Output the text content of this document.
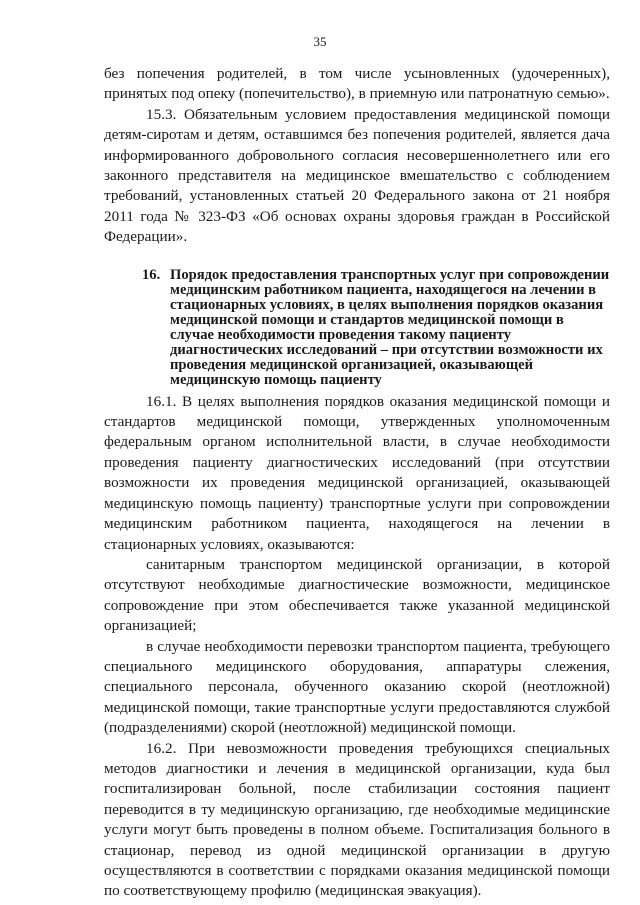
35

без попечения родителей, в том числе усыновленных (удочеренных), принятых под опеку (попечительство), в приемную или патронатную семью».

15.3. Обязательным условием предоставления медицинской помощи детям-сиротам и детям, оставшимся без попечения родителей, является дача информированного добровольного согласия несовершеннолетнего или его законного представителя на медицинское вмешательство с соблюдением требований, установленных статьей 20 Федерального закона от 21 ноября 2011 года № 323-ФЗ «Об основах охраны здоровья граждан в Российской Федерации».

16. Порядок предоставления транспортных услуг при сопровождении медицинским работником пациента, находящегося на лечении в стационарных условиях, в целях выполнения порядков оказания медицинской помощи и стандартов медицинской помощи в случае необходимости проведения такому пациенту диагностических исследований – при отсутствии возможности их проведения медицинской организацией, оказывающей медицинскую помощь пациенту

16.1. В целях выполнения порядков оказания медицинской помощи и стандартов медицинской помощи, утвержденных уполномоченным федеральным органом исполнительной власти, в случае необходимости проведения пациенту диагностических исследований (при отсутствии возможности их проведения медицинской организацией, оказывающей медицинскую помощь пациенту) транспортные услуги при сопровождении медицинским работником пациента, находящегося на лечении в стационарных условиях, оказываются:

санитарным транспортом медицинской организации, в которой отсутствуют необходимые диагностические возможности, медицинское сопровождение при этом обеспечивается также указанной медицинской организацией;

в случае необходимости перевозки транспортом пациента, требующего специального медицинского оборудования, аппаратуры слежения, специального персонала, обученного оказанию скорой (неотложной) медицинской помощи, такие транспортные услуги предоставляются службой (подразделениями) скорой (неотложной) медицинской помощи.

16.2. При невозможности проведения требующихся специальных методов диагностики и лечения в медицинской организации, куда был госпитализирован больной, после стабилизации состояния пациент переводится в ту медицинскую организацию, где необходимые медицинские услуги могут быть проведены в полном объеме. Госпитализация больного в стационар, перевод из одной медицинской организации в другую осуществляются в соответствии с порядками оказания медицинской помощи по соответствующему профилю (медицинская эвакуация).
